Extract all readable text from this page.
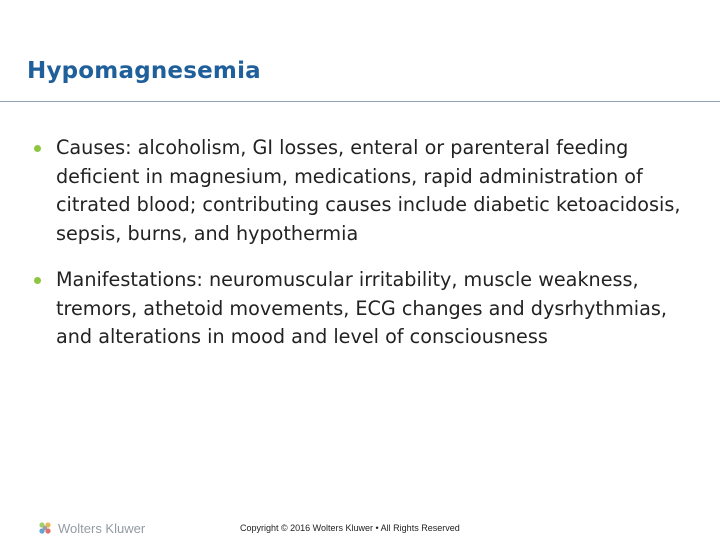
Hypomagnesemia
Causes: alcoholism, GI losses, enteral or parenteral feeding deficient in magnesium, medications, rapid administration of citrated blood; contributing causes include diabetic ketoacidosis, sepsis, burns, and hypothermia
Manifestations: neuromuscular irritability, muscle weakness, tremors, athetoid movements, ECG changes and dysrhythmias, and alterations in mood and level of consciousness
Wolters Kluwer	Copyright © 2016 Wolters Kluwer • All Rights Reserved
